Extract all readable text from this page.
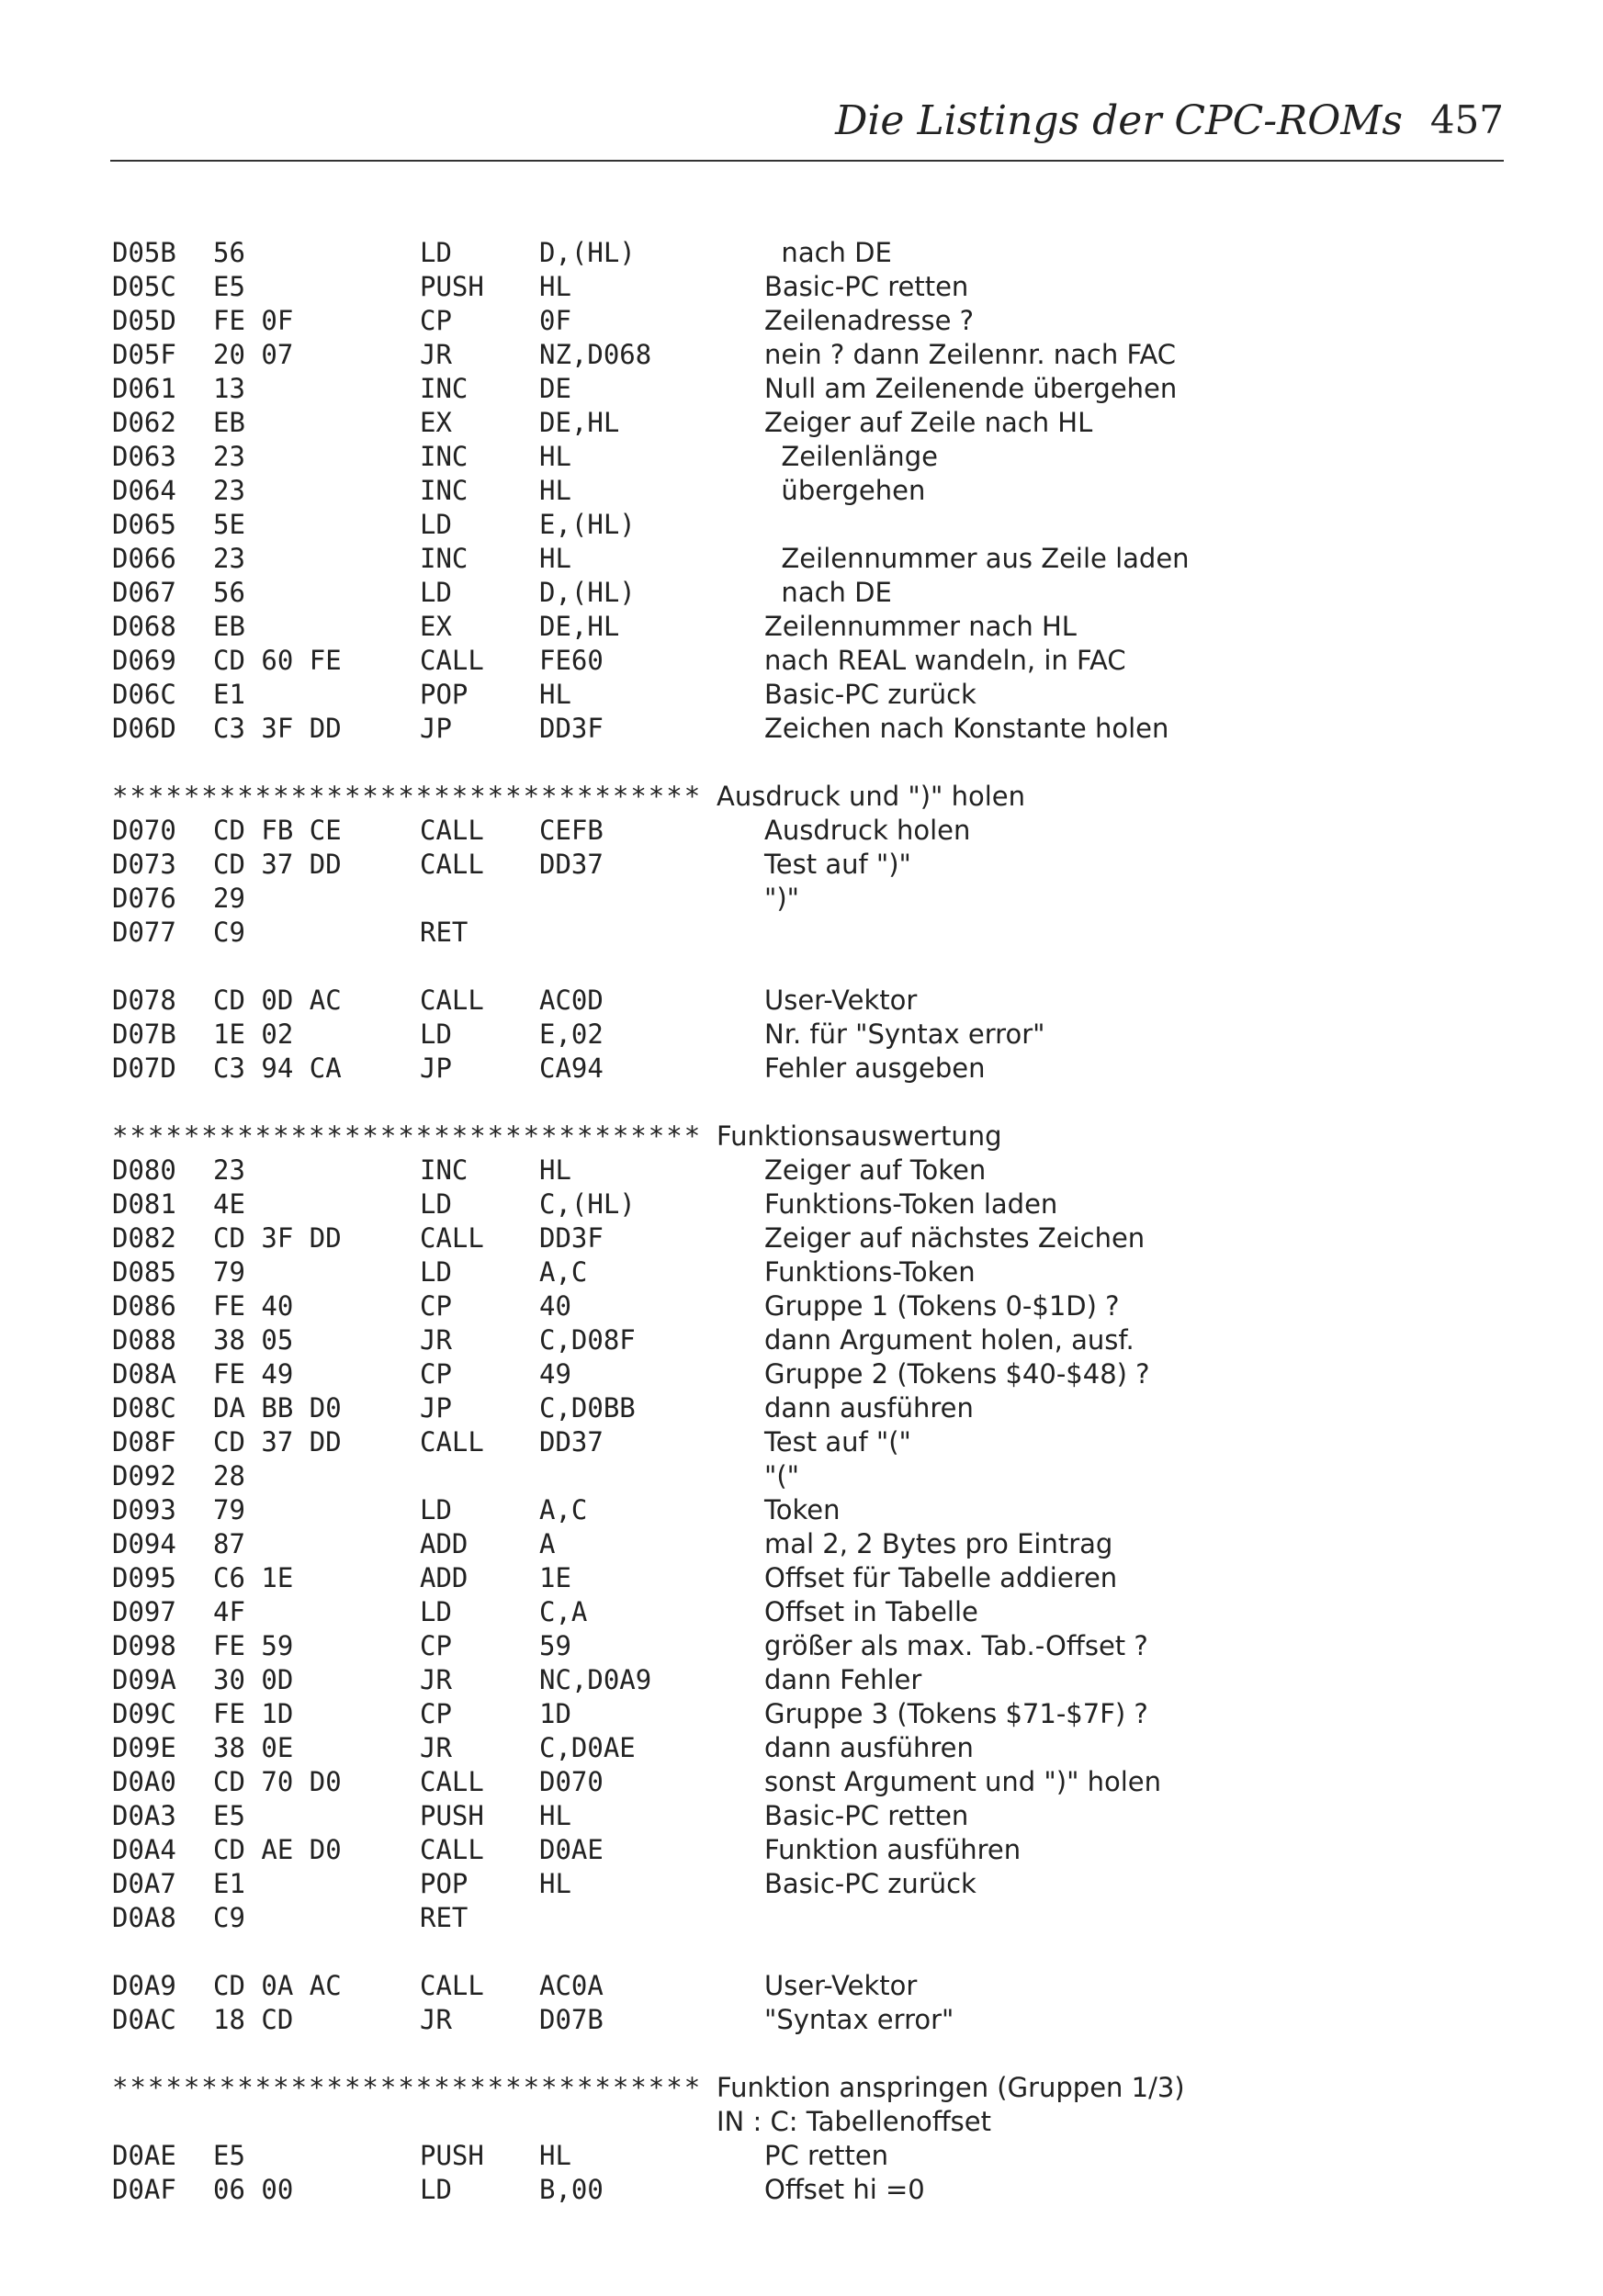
Die Listings der CPC-ROMs 457
D05B 56	LD	D,(HL)	nach DE
D05C E5	PUSH HL	Basic-PC retten
D05D FE 0F	CP	0F	Zeilenadresse ?
D05F 20 07	JR	NZ,D068	nein ? dann Zeilennr. nach FAC
D061 13	INC	DE	Null am Zeilenende übergehen
D062 EB	EX	DE,HL	Zeiger auf Zeile nach HL
D063 23	INC	HL	Zeilenlänge
D064 23	INC	HL	übergehen
D065 5E	LD	E,(HL)
D066 23	INC	HL	Zeilennummer aus Zeile laden
D067 56	LD	D,(HL)	nach DE
D068 EB	EX	DE,HL	Zeilennummer nach HL
D069 CD 60 FE	CALL FE60	nach REAL wandeln, in FAC
D06C E1	POP	HL	Basic-PC zurück
D06D C3 3F DD	JP	DD3F	Zeichen nach Konstante holen
********************************* Ausdruck und ")" holen
D070 CD FB CE	CALL CEFB	Ausdruck holen
D073 CD 37 DD	CALL DD37	Test auf ")"
D076 29	")"
D077 C9	RET
D078 CD 0D AC	CALL AC0D	User-Vektor
D07B 1E 02	LD	E,02	Nr. für "Syntax error"
D07D C3 94 CA	JP	CA94	Fehler ausgeben
********************************* Funktionsauswertung
D080 23	INC	HL	Zeiger auf Token
D081 4E	LD	C,(HL)	Funktions-Token laden
D082 CD 3F DD	CALL DD3F	Zeiger auf nächstes Zeichen
D085 79	LD	A,C	Funktions-Token
D086 FE 40	CP	40	Gruppe 1 (Tokens 0-$1D) ?
D088 38 05	JR	C,D08F	dann Argument holen, ausf.
D08A FE 49	CP	49	Gruppe 2 (Tokens $40-$48) ?
D08C DA BB D0	JP	C,D0BB	dann ausführen
D08F CD 37 DD	CALL DD37	Test auf "("
D092 28	"("
D093 79	LD	A,C	Token
D094 87	ADD	A	mal 2, 2 Bytes pro Eintrag
D095 C6 1E	ADD	1E	Offset für Tabelle addieren
D097 4F	LD	C,A	Offset in Tabelle
D098 FE 59	CP	59	größer als max. Tab.-Offset ?
D09A 30 0D	JR	NC,D0A9	dann Fehler
D09C FE 1D	CP	1D	Gruppe 3 (Tokens $71-$7F) ?
D09E 38 0E	JR	C,D0AE	dann ausführen
D0A0 CD 70 D0	CALL D070	sonst Argument und ")" holen
D0A3 E5	PUSH HL	Basic-PC retten
D0A4 CD AE D0	CALL D0AE	Funktion ausführen
D0A7 E1	POP	HL	Basic-PC zurück
D0A8 C9	RET
D0A9 CD 0A AC	CALL AC0A	User-Vektor
D0AC 18 CD	JR	D07B	"Syntax error"
********************************* Funktion anspringen (Gruppen 1/3)
IN : C: Tabellenoffset
D0AE E5	PUSH HL	PC retten
D0AF 06 00	LD	B,00	Offset hi =0
